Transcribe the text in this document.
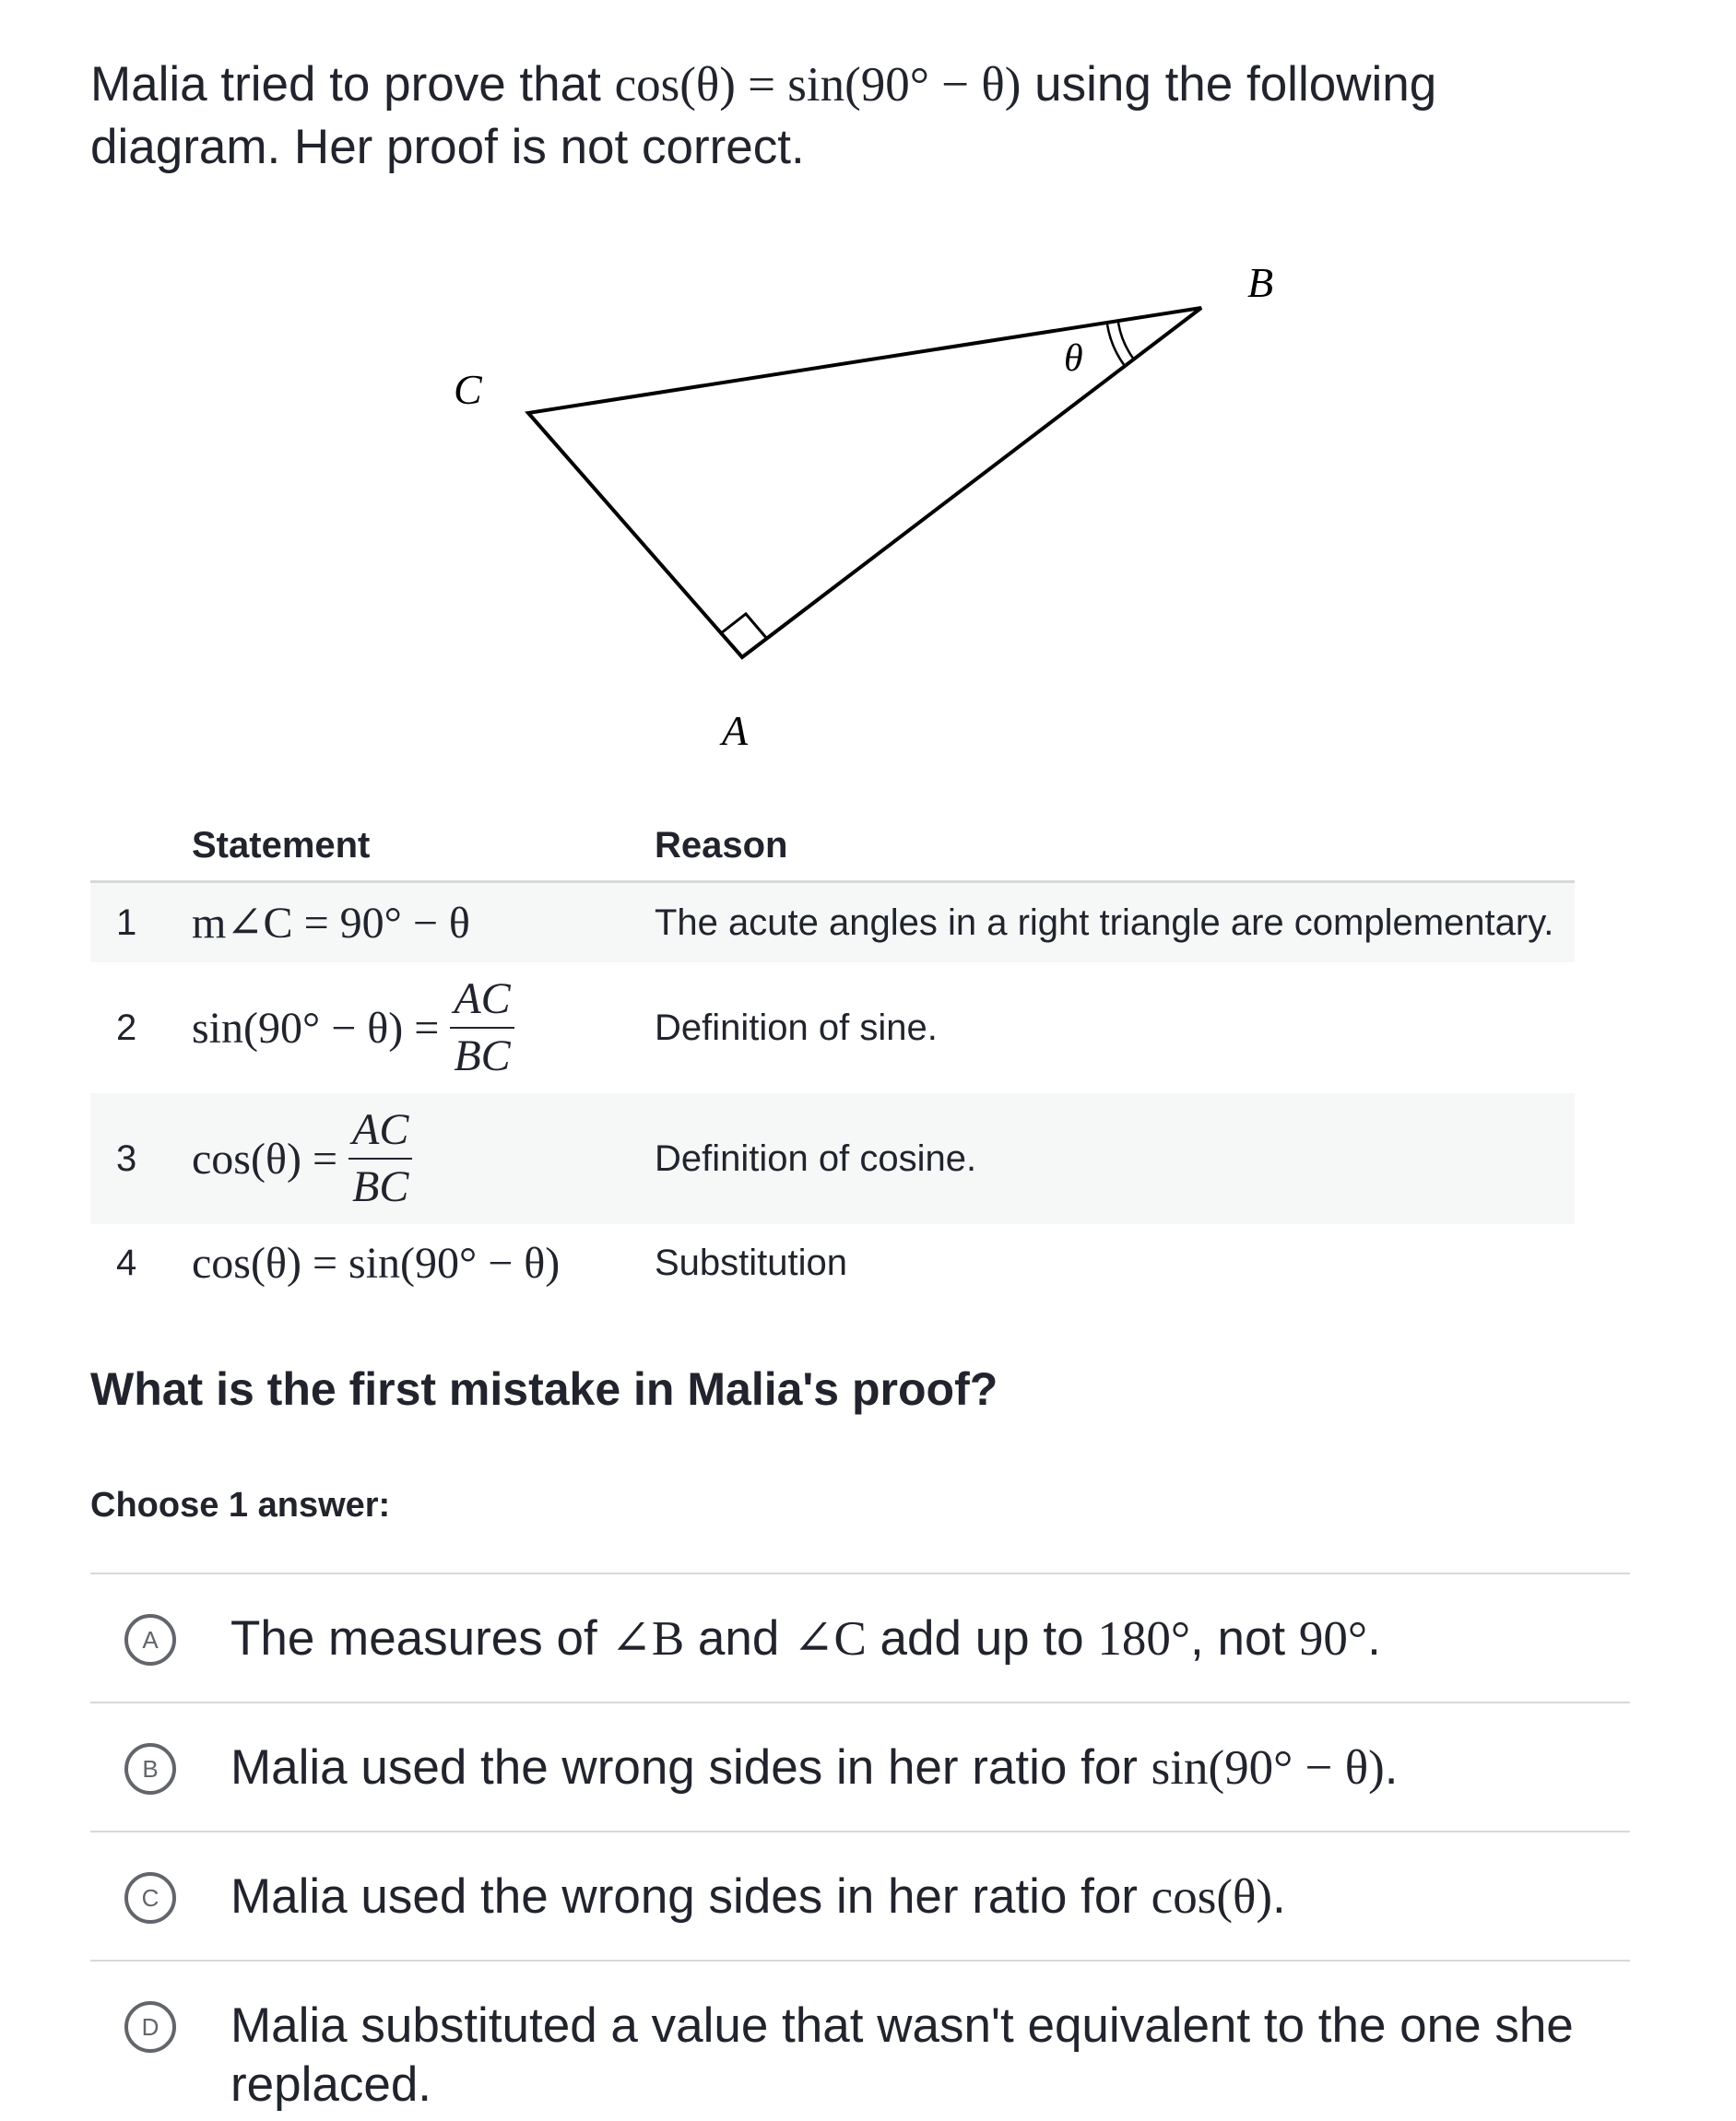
Malia tried to prove that cos(θ) = sin(90° − θ) using the following
diagram. Her proof is not correct.
B
C
A
θ
Statement	Reason
1 m∠C = 90° − θ	The acute angles in a right triangle are complementary.
2 $\sin(90^\circ - \theta) = \frac{AC}{BC}$	Definition of sine.
3 $\cos(\theta) = \frac{AC}{BC}$	Definition of cosine.
4 cos(θ) = sin(90° − θ)	Substitution
What is the first mistake in Malia's proof?
Choose 1 answer:
A	The measures of ∠B and ∠C add up to 180°, not 90°.
B	Malia used the wrong sides in her ratio for sin(90° − θ).
C	Malia used the wrong sides in her ratio for cos(θ).
D	Malia substituted a value that wasn't equivalent to the one she
replaced.
